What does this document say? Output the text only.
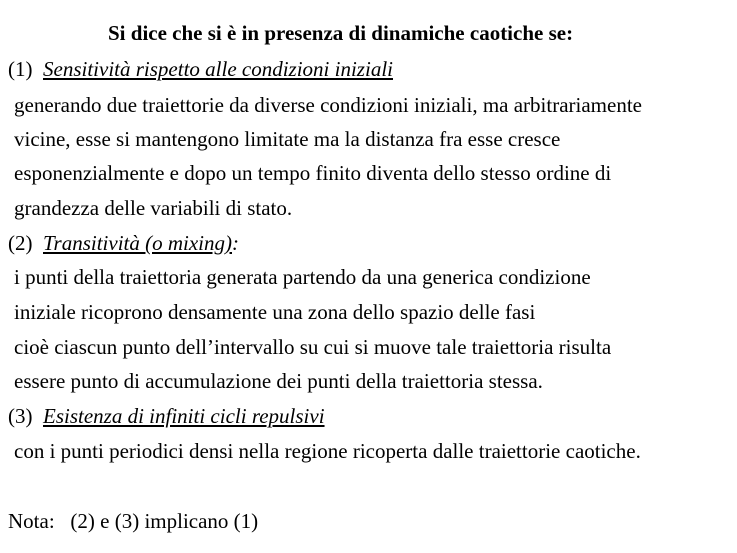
Si dice che si è in presenza di dinamiche caotiche se:
(1) Sensitività rispetto alle condizioni iniziali
generando due traiettorie da diverse condizioni iniziali, ma arbitrariamente
vicine, esse si mantengono limitate ma la distanza fra esse cresce
esponenzialmente e dopo un tempo finito diventa dello stesso ordine di
grandezza delle variabili di stato.
(2) Transitività (o mixing):
i punti della traiettoria generata partendo da una generica condizione
iniziale ricoprono densamente una zona dello spazio delle fasi
cioè ciascun punto dell’intervallo su cui si muove tale traiettoria risulta
essere punto di accumulazione dei punti della traiettoria stessa.
(3) Esistenza di infiniti cicli repulsivi
con i punti periodici densi nella regione ricoperta dalle traiettorie caotiche.
Nota:   (2) e (3) implicano (1)
